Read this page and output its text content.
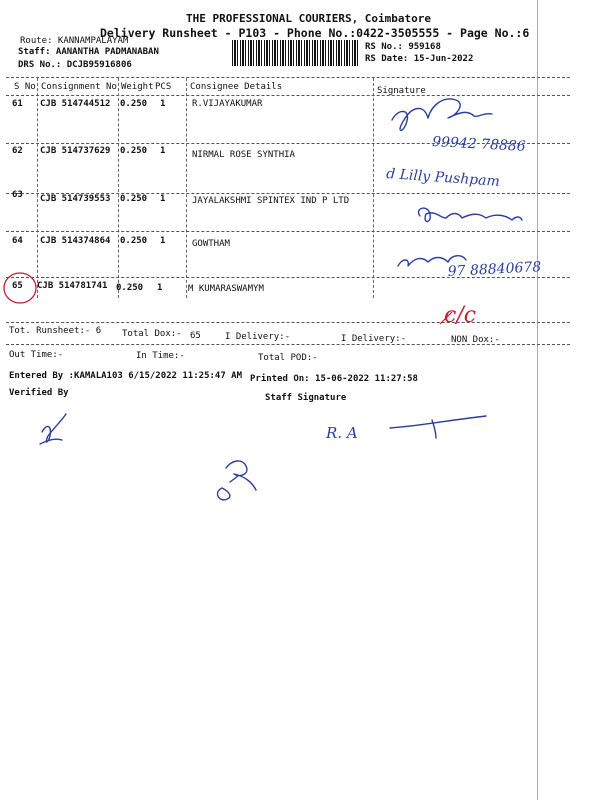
THE PROFESSIONAL COURIERS, Coimbatore
Delivery Runsheet - P103 - Phone No.:0422-3505555 - Page No.:6
Route: KANNAMPALAYAM
Staff: AANANTHA PADMANABAN
DRS No.: DCJB95916806
RS No.: 959168
RS Date: 15-Jun-2022
S No Consignment No Weight PCS Consignee Details	Signature
61 CJB 514744512 0.250 1	R.VIJAYAKUMAR
62 CJB 514737629 0.250 1	NIRMAL ROSE SYNTHIA
63 CJB 514739553 0.250 1	JAYALAKSHMI SPINTEX IND P LTD
64 CJB 514374864 0.250 1	GOWTHAM
65 CJB 514781741 0.250 1	M KUMARASWAMYM
Tot. Runsheet:- 6 Total Dox:- 65	I Delivery:-	I Delivery:-	NON Dox:-
Out Time:-	In Time:-	Total POD:-
Entered By :KAMALA103 6/15/2022 11:25:47 AM Printed On: 15-06-2022 11:27:58
Verified By	Staff Signature
99942 78886
d Lilly Pushpam
97 88840678
c/c
R. A
